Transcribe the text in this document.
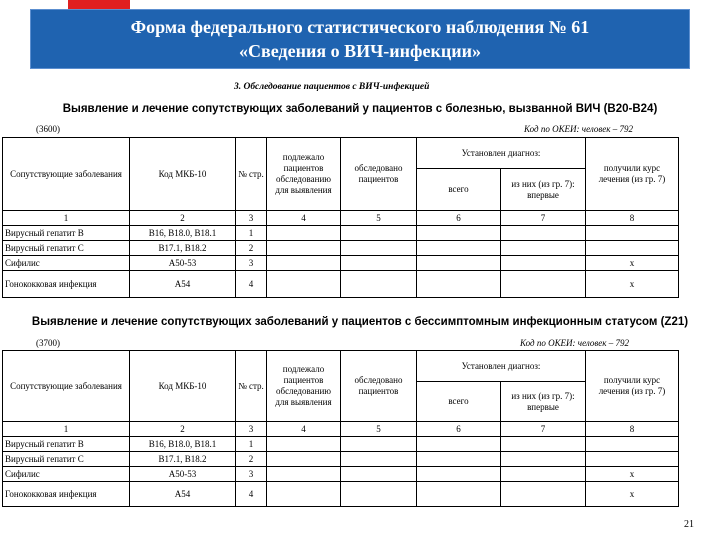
Форма федерального статистического наблюдения № 61
«Сведения о ВИЧ-инфекции»
3. Обследование пациентов с ВИЧ-инфекцией
Выявление и лечение сопутствующих заболеваний у пациентов с болезнью, вызванной ВИЧ (В20-В24)
(3600)	Код по ОКЕИ: человек – 792
Сопутствующие заболевания	Код МКБ-10	№ стр.	подлежало пациентов обследованию для выявления	обследовано пациентов	Установлен диагноз:		получили курс лечения (из гр. 7)
					всего	из них (из гр. 7): впервые	
1	2	3	4	5	6	7	8
Вирусный гепатит В	B16, B18.0, B18.1	1					
Вирусный гепатит С	B17.1, B18.2	2					
Сифилис	A50-53	3					х
Гонококковая инфекция	A54	4					х
Выявление и лечение сопутствующих заболеваний у пациентов с бессимптомным инфекционным статусом (Z21)
(3700)	Код по ОКЕИ: человек – 792
Сопутствующие заболевания	Код МКБ-10	№ стр.	подлежало пациентов обследованию для выявления	обследовано пациентов	Установлен диагноз:		получили курс лечения (из гр. 7)
					всего	из них (из гр. 7): впервые	
1	2	3	4	5	6	7	8
Вирусный гепатит В	B16, B18.0, B18.1	1					
Вирусный гепатит С	B17.1, B18.2	2					
Сифилис	A50-53	3					х
Гонококковая инфекция	A54	4					х
21
